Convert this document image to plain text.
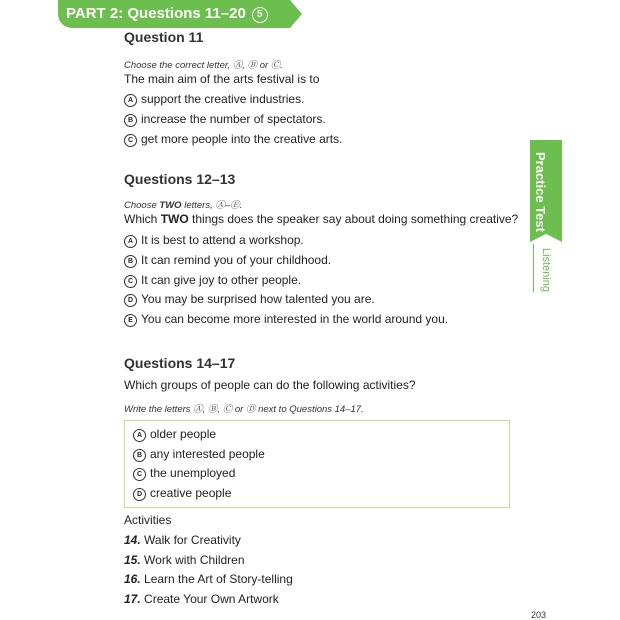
PART 2: Questions 11–20 5
Practice Test
Listening
Question 11
Choose the correct letter, Ⓐ, Ⓑ or Ⓒ.
The main aim of the arts festival is to
A support the creative industries.
B increase the number of spectators.
C get more people into the creative arts.
Questions 12–13
Choose TWO letters, Ⓐ–Ⓔ.
Which TWO things does the speaker say about doing something creative?
A It is best to attend a workshop.
B It can remind you of your childhood.
C It can give joy to other people.
D You may be surprised how talented you are.
E You can become more interested in the world around you.
Questions 14–17
Which groups of people can do the following activities?
Write the letters Ⓐ, Ⓑ, Ⓒ or Ⓓ next to Questions 14–17.
A older people
B any interested people
C the unemployed
D creative people
Activities
14. Walk for Creativity
15. Work with Children
16. Learn the Art of Story-telling
17. Create Your Own Artwork
203
